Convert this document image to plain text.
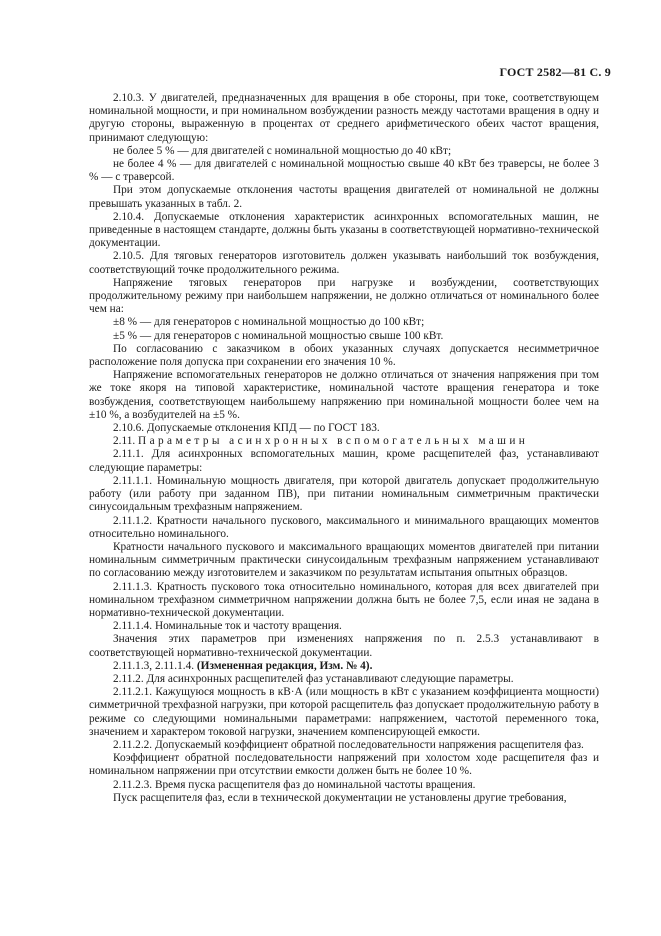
ГОСТ 2582—81 С. 9

2.10.3. У двигателей, предназначенных для вращения в обе стороны, при токе, соответствующем номинальной мощности, и при номинальном возбуждении разность между частотами вращения в одну и другую стороны, выраженную в процентах от среднего арифметического обеих частот вращения, принимают следующую:

не более 5 % — для двигателей с номинальной мощностью до 40 кВт;

не более 4 % — для двигателей с номинальной мощностью свыше 40 кВт без траверсы, не более 3 % — с траверсой.

При этом допускаемые отклонения частоты вращения двигателей от номинальной не должны превышать указанных в табл. 2.

2.10.4. Допускаемые отклонения характеристик асинхронных вспомогательных машин, не приведенные в настоящем стандарте, должны быть указаны в соответствующей нормативно-технической документации.

2.10.5. Для тяговых генераторов изготовитель должен указывать наибольший ток возбуждения, соответствующий точке продолжительного режима.

Напряжение тяговых генераторов при нагрузке и возбуждении, соответствующих продолжительному режиму при наибольшем напряжении, не должно отличаться от номинального более чем на:

±8 % — для генераторов с номинальной мощностью до 100 кВт;

±5 % — для генераторов с номинальной мощностью свыше 100 кВт.

По согласованию с заказчиком в обоих указанных случаях допускается несимметричное расположение поля допуска при сохранении его значения 10 %.

Напряжение вспомогательных генераторов не должно отличаться от значения напряжения при том же токе якоря на типовой характеристике, номинальной частоте вращения генератора и токе возбуждения, соответствующем наибольшему напряжению при номинальной мощности более чем на ±10 %, а возбудителей на ±5 %.

2.10.6. Допускаемые отклонения КПД — по ГОСТ 183.

2.11. Параметры асинхронных вспомогательных машин

2.11.1. Для асинхронных вспомогательных машин, кроме расщепителей фаз, устанавливают следующие параметры:

2.11.1.1. Номинальную мощность двигателя, при которой двигатель допускает продолжительную работу (или работу при заданном ПВ), при питании номинальным симметричным практически синусоидальным трехфазным напряжением.

2.11.1.2. Кратности начального пускового, максимального и минимального вращающих моментов относительно номинального.

Кратности начального пускового и максимального вращающих моментов двигателей при питании номинальным симметричным практически синусоидальным трехфазным напряжением устанавливают по согласованию между изготовителем и заказчиком по результатам испытания опытных образцов.

2.11.1.3. Кратность пускового тока относительно номинального, которая для всех двигателей при номинальном трехфазном симметричном напряжении должна быть не более 7,5, если иная не задана в нормативно-технической документации.

2.11.1.4. Номинальные ток и частоту вращения.

Значения этих параметров при изменениях напряжения по п. 2.5.3 устанавливают в соответствующей нормативно-технической документации.

2.11.1.3, 2.11.1.4. (Измененная редакция, Изм. № 4).

2.11.2. Для асинхронных расщепителей фаз устанавливают следующие параметры.

2.11.2.1. Кажущуюся мощность в кВ·А (или мощность в кВт с указанием коэффициента мощности) симметричной трехфазной нагрузки, при которой расщепитель фаз допускает продолжительную работу в режиме со следующими номинальными параметрами: напряжением, частотой переменного тока, значением и характером токовой нагрузки, значением компенсирующей емкости.

2.11.2.2. Допускаемый коэффициент обратной последовательности напряжения расщепителя фаз.

Коэффициент обратной последовательности напряжений при холостом ходе расщепителя фаз и номинальном напряжении при отсутствии емкости должен быть не более 10 %.

2.11.2.3. Время пуска расщепителя фаз до номинальной частоты вращения.

Пуск расщепителя фаз, если в технической документации не установлены другие требования,
